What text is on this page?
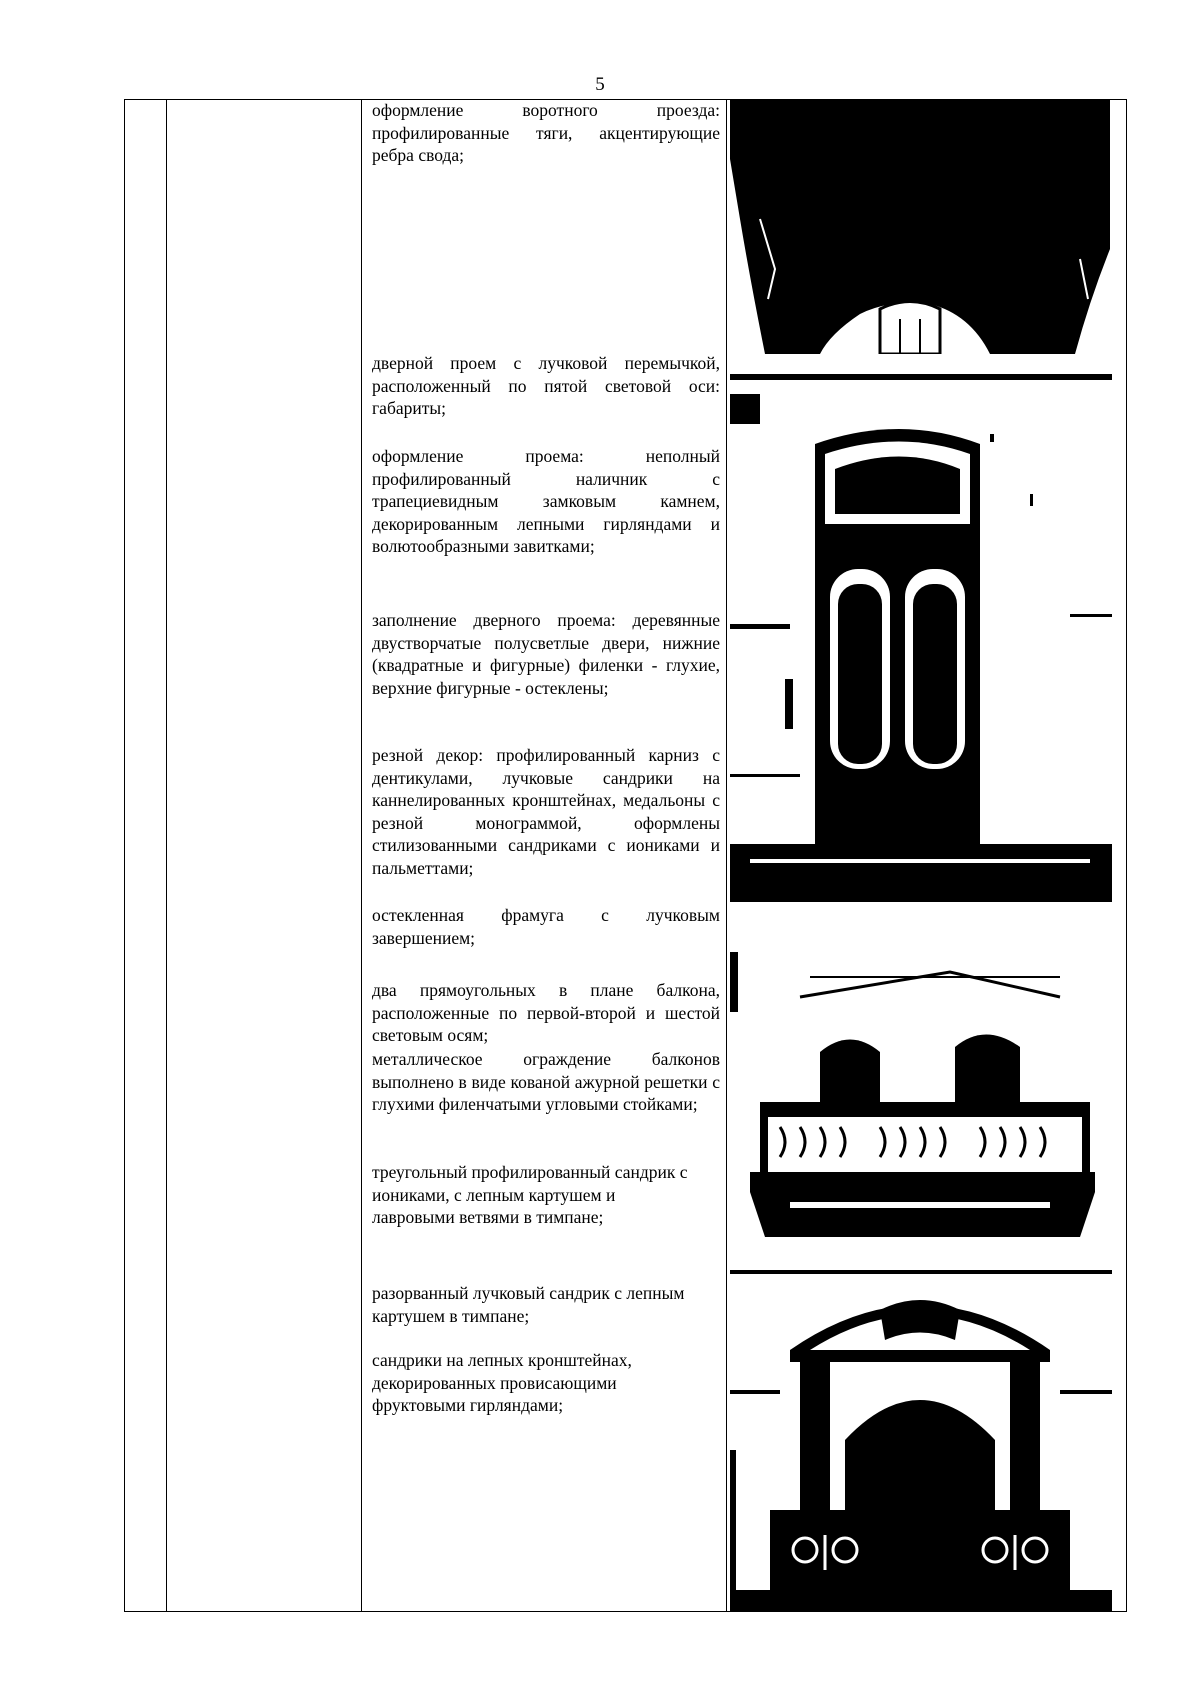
5
оформление воротного проезда: профилированные тяги, акцентирующие ребра свода;
дверной проем с лучковой перемычкой, расположенный по пятой световой оси: габариты;
оформление проема: неполный профилированный наличник с трапециевидным замковым камнем, декорированным лепными гирляндами и волютообразными завитками;
заполнение дверного проема: деревянные двустворчатые полусветлые двери, нижние (квадратные и фигурные) филенки - глухие, верхние фигурные - остеклены;
резной декор: профилированный карниз с дентикулами, лучковые сандрики на каннелированных кронштейнах, медальоны с резной монограммой, оформлены стилизованными сандриками с иониками и пальметтами;
остекленная фрамуга с лучковым завершением;
два прямоугольных в плане балкона, расположенные по первой-второй и шестой световым осям;
металлическое ограждение балконов выполнено в виде кованой ажурной решетки с глухими филенчатыми угловыми стойками;
треугольный профилированный сандрик с иониками, с лепным картушем и лавровыми ветвями в тимпане;
разорванный лучковый сандрик с лепным картушем в тимпане;
сандрики на лепных кронштейнах, декорированных провисающими фруктовыми гирляндами;
